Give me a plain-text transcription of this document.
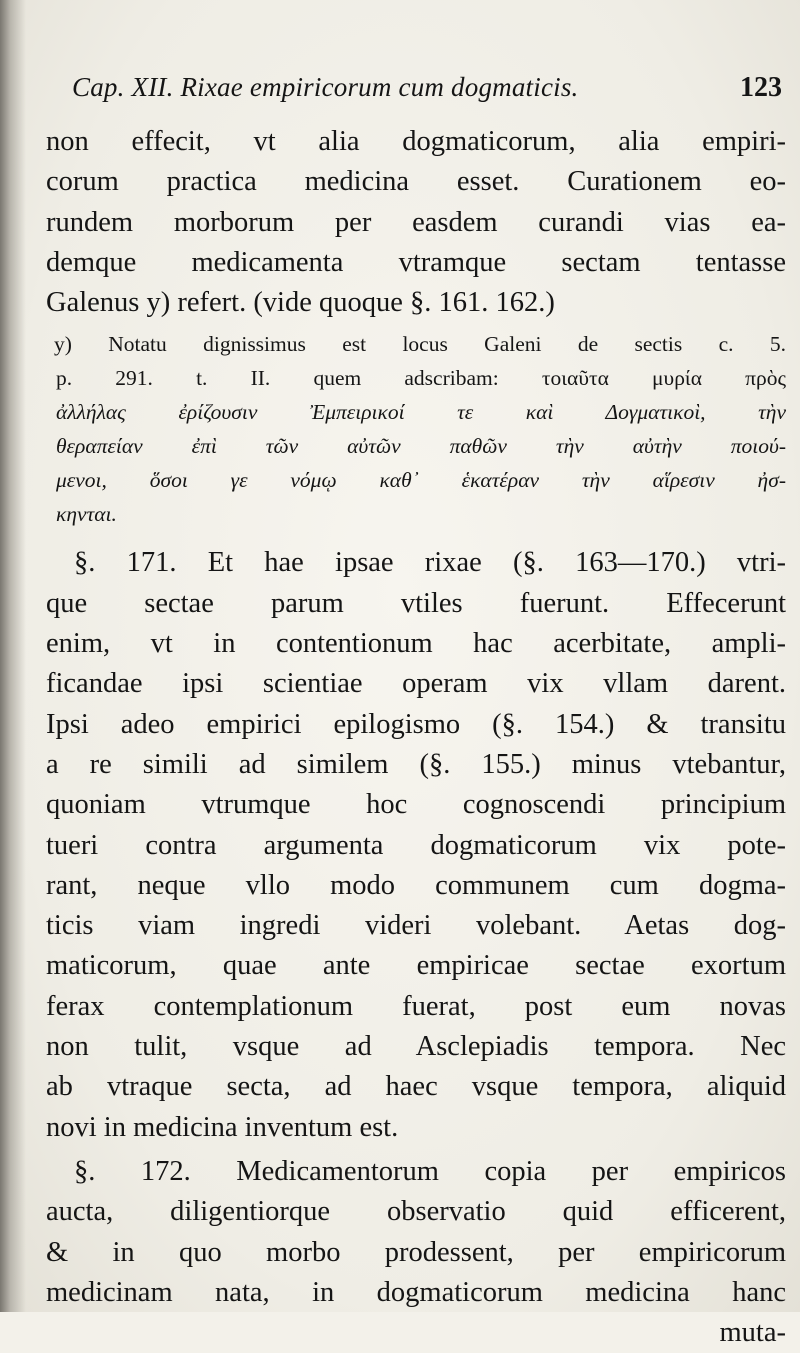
Cap. XII. Rixae empiricorum cum dogmaticis.	123
non effecit, vt alia dogmaticorum, alia empiri-
corum practica medicina esset. Curationem eo-
rundem morborum per easdem curandi vias ea-
demque medicamenta vtramque sectam tentasse
Galenus y) refert. (vide quoque §. 161. 162.)
y) Notatu dignissimus est locus Galeni de sectis c. 5.
p. 291. t. II. quem adscribam: τοιαῦτα μυρία πρὸς
ἀλλήλας ἐρίζουσιν Ἐμπειρικοί τε καὶ Δογματικοὶ, τὴν
θεραπείαν ἐπὶ τῶν αὐτῶν παθῶν τὴν αὐτὴν ποιού-
μενοι, ὅσοι γε νόμῳ καθ᾽ ἑκατέραν τὴν αἵρεσιν ἠσ-
κηνται.
§. 171. Et hae ipsae rixae (§. 163—170.) vtri-
que sectae parum vtiles fuerunt. Effecerunt
enim, vt in contentionum hac acerbitate, ampli-
ficandae ipsi scientiae operam vix vllam darent.
Ipsi adeo empirici epilogismo (§. 154.) & transitu
a re simili ad similem (§. 155.) minus vtebantur,
quoniam vtrumque hoc cognoscendi principium
tueri contra argumenta dogmaticorum vix pote-
rant, neque vllo modo communem cum dogma-
ticis viam ingredi videri volebant. Aetas dog-
maticorum, quae ante empiricae sectae exortum
ferax contemplationum fuerat, post eum novas
non tulit, vsque ad Asclepiadis tempora. Nec
ab vtraque secta, ad haec vsque tempora, aliquid
novi in medicina inventum est.
§. 172. Medicamentorum copia per empiricos
aucta, diligentiorque observatio quid efficerent,
& in quo morbo prodessent, per empiricorum
medicinam nata, in dogmaticorum medicina hanc
muta-
